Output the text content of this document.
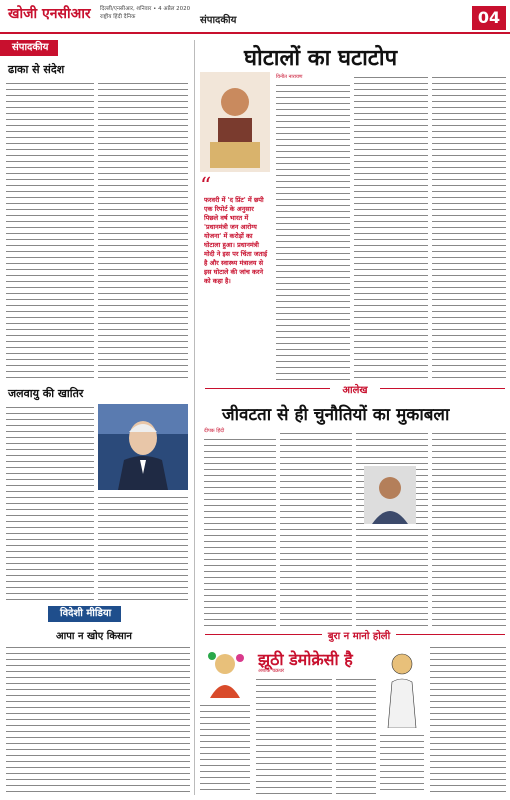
खोजी एनसीआर दिल्ली/एनसीआर, शनिवार • 4 अप्रैल 2020
राष्ट्रीय हिंदी दैनिक	संपादकीय	04
संपादकीय
ढाका से संदेश
जलवायु की खातिर
विदेशी मीडिया
आपा न खोए किसान
घोटालों का घटाटोप
“
फरवरी में 'द प्रिंट' में छपी एक रिपोर्ट के अनुसार पिछले वर्ष भारत में 'प्रधानमंत्री जन आरोग्य योजना' में करोड़ों का घोटाला हुआ। प्रधानमंत्री मोदी ने इस पर चिंता जताई है और स्वास्थ्य मंत्रालय से इस घोटाले की जांच करने को कहा है।
विनीत नारायण
आलेख
जीवटता से ही चुनौतियों का मुकाबला
दीपक हिंदी
बुरा न मानो होली
झूठी डेमोक्रेसी है
अशोक चक्रधर
